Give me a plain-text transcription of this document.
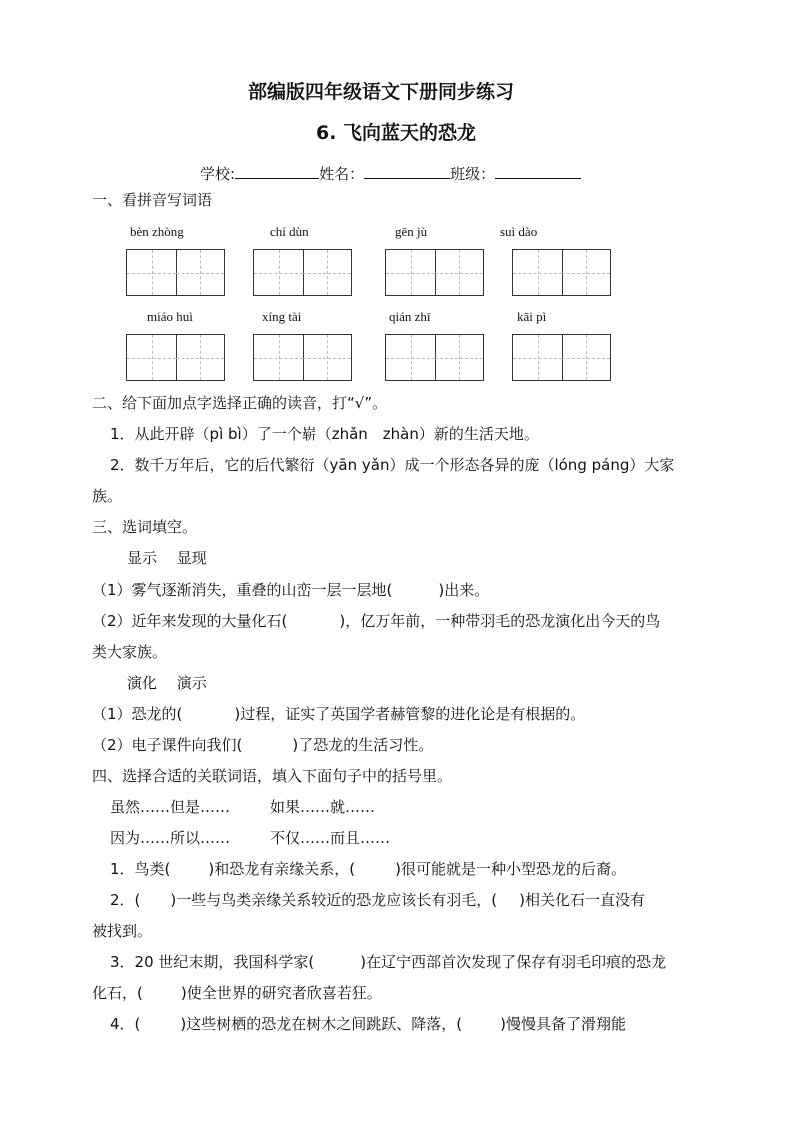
部编版四年级语文下册同步练习
6. 飞向蓝天的恐龙
学校:	姓名：	班级：
一、看拼音写词语
bèn zhòng	chí dùn	gēn jù	suì dào
miáo huì	xíng tài	qián zhī	kāi pì
二、给下面加点字选择正确的读音，打“√”。
1．从此开辟（pì bì）了一个崭（zhǎn　zhàn）新的生活天地。
2．数千万年后，它的后代繁衍（yān yǎn）成一个形态各异的庞（lóng páng）大家
族。
三、选词填空。
显示　 显现
（1）雾气逐渐消失，重叠的山峦一层一层地(	)出来。
（2）近年来发现的大量化石(	)，亿万年前，一种带羽毛的恐龙演化出今天的鸟
类大家族。
演化　 演示
（1）恐龙的(	)过程，证实了英国学者赫管黎的进化论是有根据的。
（2）电子课件向我们(	)了恐龙的生活习性。
四、选择合适的关联词语，填入下面句子中的括号里。
虽然……但是……	如果……就……
因为……所以……	不仅……而且……
1．鸟类(	)和恐龙有亲缘关系，(	)很可能就是一种小型恐龙的后裔。
2．( )一些与鸟类亲缘关系较近的恐龙应该长有羽毛，( )相关化石一直没有
被找到。
3．20 世纪末期，我国科学家(	)在辽宁西部首次发现了保存有羽毛印痕的恐龙
化石，(	)使全世界的研究者欣喜若狂。
4．(	)这些树栖的恐龙在树木之间跳跃、降落，(	)慢慢具备了滑翔能
